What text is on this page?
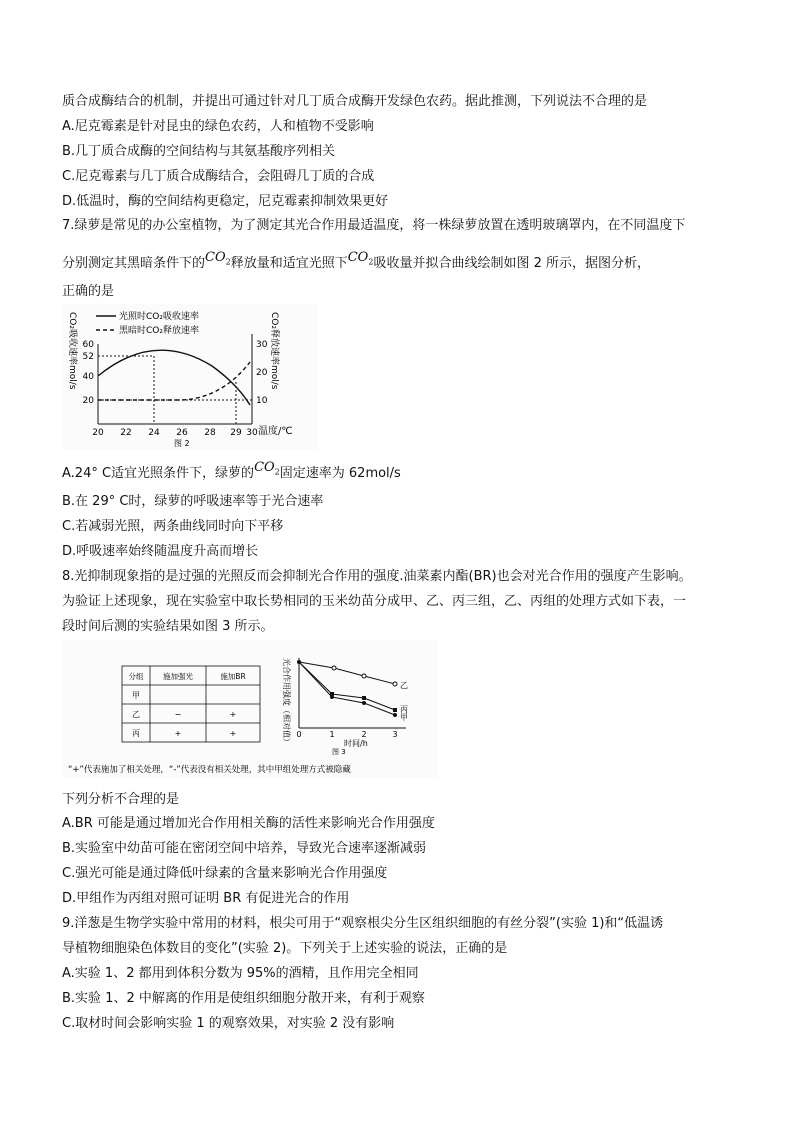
质合成酶结合的机制，并提出可通过针对几丁质合成酶开发绿色农药。据此推测，下列说法不合理的是
A.尼克霉素是针对昆虫的绿色农药，人和植物不受影响
B.几丁质合成酶的空间结构与其氨基酸序列相关
C.尼克霉素与几丁质合成酶结合，会阻碍几丁质的合成
D.低温时，酶的空间结构更稳定，尼克霉素抑制效果更好
7.绿萝是常见的办公室植物，为了测定其光合作用最适温度，将一株绿萝放置在透明玻璃罩内，在不同温度下
分别测定其黑暗条件下的$CO_2$释放量和适宜光照下$CO_2$吸收量并拟合曲线绘制如图 2 所示，据图分析，
正确的是
CO₂吸收速率mol/s	CO₂释放速率mol/s
光照时CO₂吸收速率
黑暗时CO₂释放速率
60
52
40
20
30
20
10
20 22 24 26 28 29 30 温度/℃
图 2
A.24° C适宜光照条件下，绿萝的$CO_2$固定速率为 62mol/s
B.在 29° C时，绿萝的呼吸速率等于光合速率
C.若减弱光照，两条曲线同时向下平移
D.呼吸速率始终随温度升高而增长
8.光抑制现象指的是过强的光照反而会抑制光合作用的强度.油菜素内酯(BR)也会对光合作用的强度产生影响。
为验证上述现象，现在实验室中取长势相同的玉米幼苗分成甲、乙、丙三组，乙、丙组的处理方式如下表，一
段时间后测的实验结果如图 3 所示。
分组	施加强光	施加BR
甲
乙	−	+
丙	+	+
“+”代表施加了相关处理，“-”代表没有相关处理，其中甲组处理方式被隐藏
光合作用强度（相对值） 0	1	2	3
时间/h
图 3
乙
丙
甲
下列分析不合理的是
A.BR 可能是通过增加光合作用相关酶的活性来影响光合作用强度
B.实验室中幼苗可能在密闭空间中培养，导致光合速率逐渐减弱
C.强光可能是通过降低叶绿素的含量来影响光合作用强度
D.甲组作为丙组对照可证明 BR 有促进光合的作用
9.洋葱是生物学实验中常用的材料，根尖可用于“观察根尖分生区组织细胞的有丝分裂”(实验 1)和“低温诱
导植物细胞染色体数目的变化”(实验 2)。下列关于上述实验的说法，正确的是
A.实验 1、2 都用到体积分数为 95%的酒精，且作用完全相同
B.实验 1、2 中解离的作用是使组织细胞分散开来，有利于观察
C.取材时间会影响实验 1 的观察效果，对实验 2 没有影响
